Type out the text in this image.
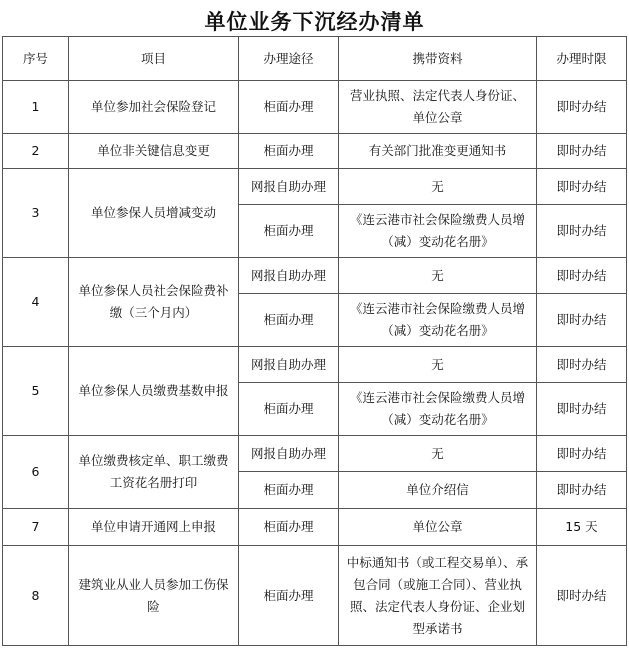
单位业务下沉经办清单
序号	项目	办理途径	携带资料	办理时限
1	单位参加社会保险登记	柜面办理	营业执照、法定代表人身份证、单位公章	即时办结
2	单位非关键信息变更	柜面办理	有关部门批准变更通知书	即时办结
3	单位参保人员增减变动	网报自助办理	无	即时办结
		柜面办理	《连云港市社会保险缴费人员增（减）变动花名册》	即时办结
4	单位参保人员社会保险费补缴（三个月内）	网报自助办理	无	即时办结
		柜面办理	《连云港市社会保险缴费人员增（减）变动花名册》	即时办结
5	单位参保人员缴费基数申报	网报自助办理	无	即时办结
		柜面办理	《连云港市社会保险缴费人员增（减）变动花名册》	即时办结
6	单位缴费核定单、职工缴费工资花名册打印	网报自助办理	无	即时办结
		柜面办理	单位介绍信	即时办结
7	单位申请开通网上申报	柜面办理	单位公章	15 天
8	建筑业从业人员参加工伤保险	柜面办理	中标通知书（或工程交易单）、承包合同（或施工合同）、营业执照、法定代表人身份证、企业划型承诺书	即时办结
